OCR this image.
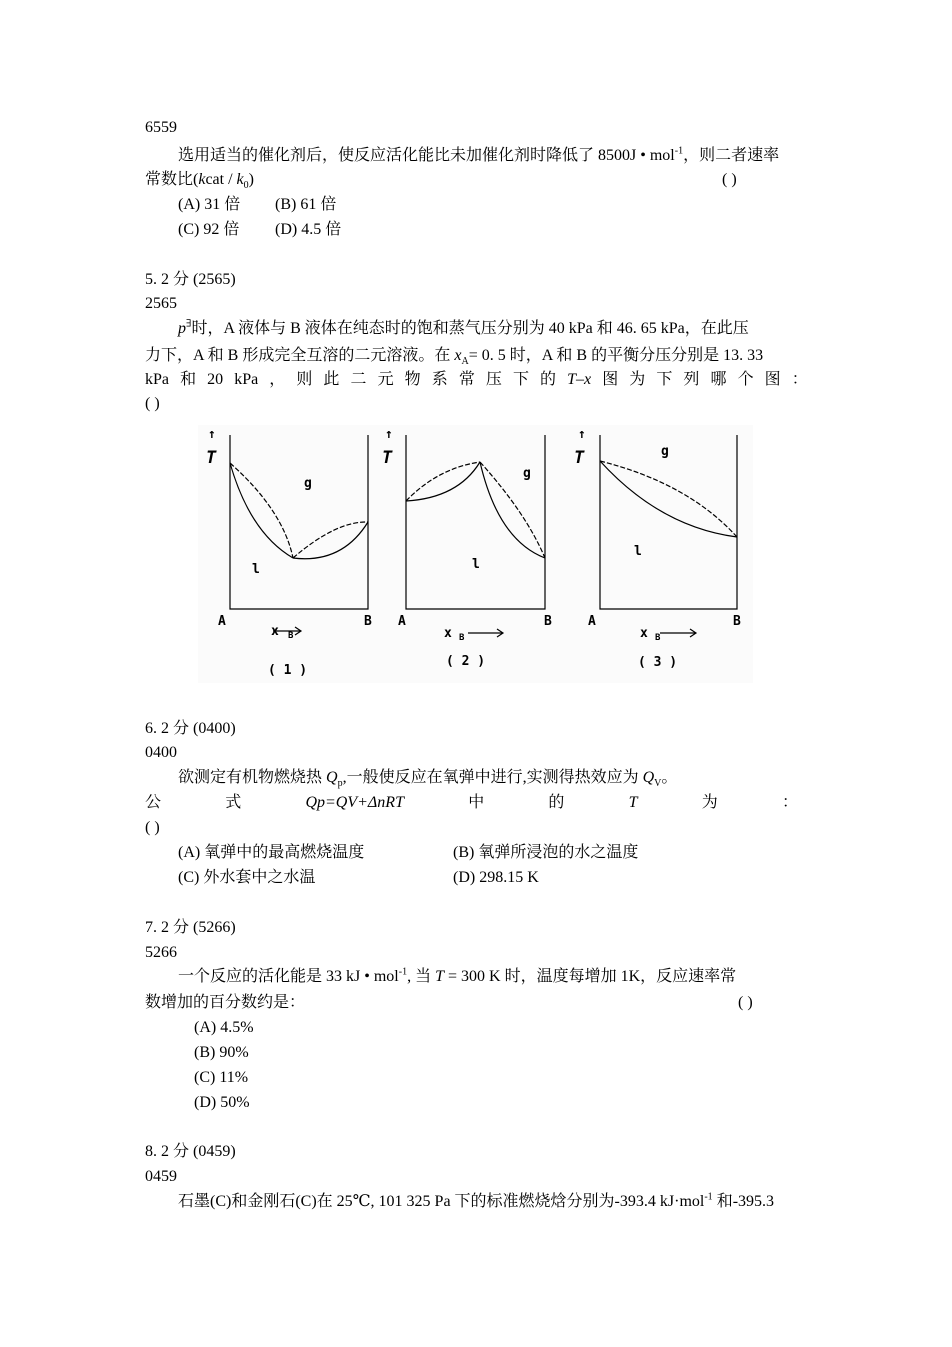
6559
选用适当的催化剂后，使反应活化能比未加催化剂时降低了 8500J • mol$^{-1}$，则二者速率
常数比(kcat / $k_0$)	( )
(A) 31 倍 (B) 61 倍
(C) 92 倍 (D) 4.5 倍
5. 2 分 (2565)
2565
p∃时，A 液体与 B 液体在纯态时的饱和蒸气压分别为 40 kPa 和 46. 65 kPa，在此压
力下，A 和 B 形成完全互溶的二元溶液。在 $x_A= 0$. 5 时，A 和 B 的平衡分压分别是 13. 33
kPa 和 20 kPa ， 则 此 二 元 物 系 常 压 下 的 T–x 图 为 下 列 哪 个 图 ：
( )
↑
T
g
l
A	B
x B
( 1 )
↑
T
g
l
A	B
x B
( 2 )
↑
T	g
l
A	B
x B
( 3 )
6. 2 分 (0400)
0400
欲测定有机物燃烧热 $Q_p$,一般使反应在氧弹中进行,实测得热效应为 $Q_V$。
公	式	Qp=QV+ΔnRT	中	的	T	为	：
( )
(A) 氧弹中的最高燃烧温度	(B) 氧弹所浸泡的水之温度
(C) 外水套中之水温	(D) 298.15 K
7. 2 分 (5266)
5266
一个反应的活化能是 33 kJ • mol$^{-1}$, 当 T = 300 K 时，温度每增加 1K，反应速率常
数增加的百分数约是：	( )
(A) 4.5%
(B) 90%
(C) 11%
(D) 50%
8. 2 分 (0459)
0459
石墨(C)和金刚石(C)在 25℃, 101 325 Pa 下的标准燃烧焓分别为-393.4 kJ·mol$^{-1}$ 和-395.3
